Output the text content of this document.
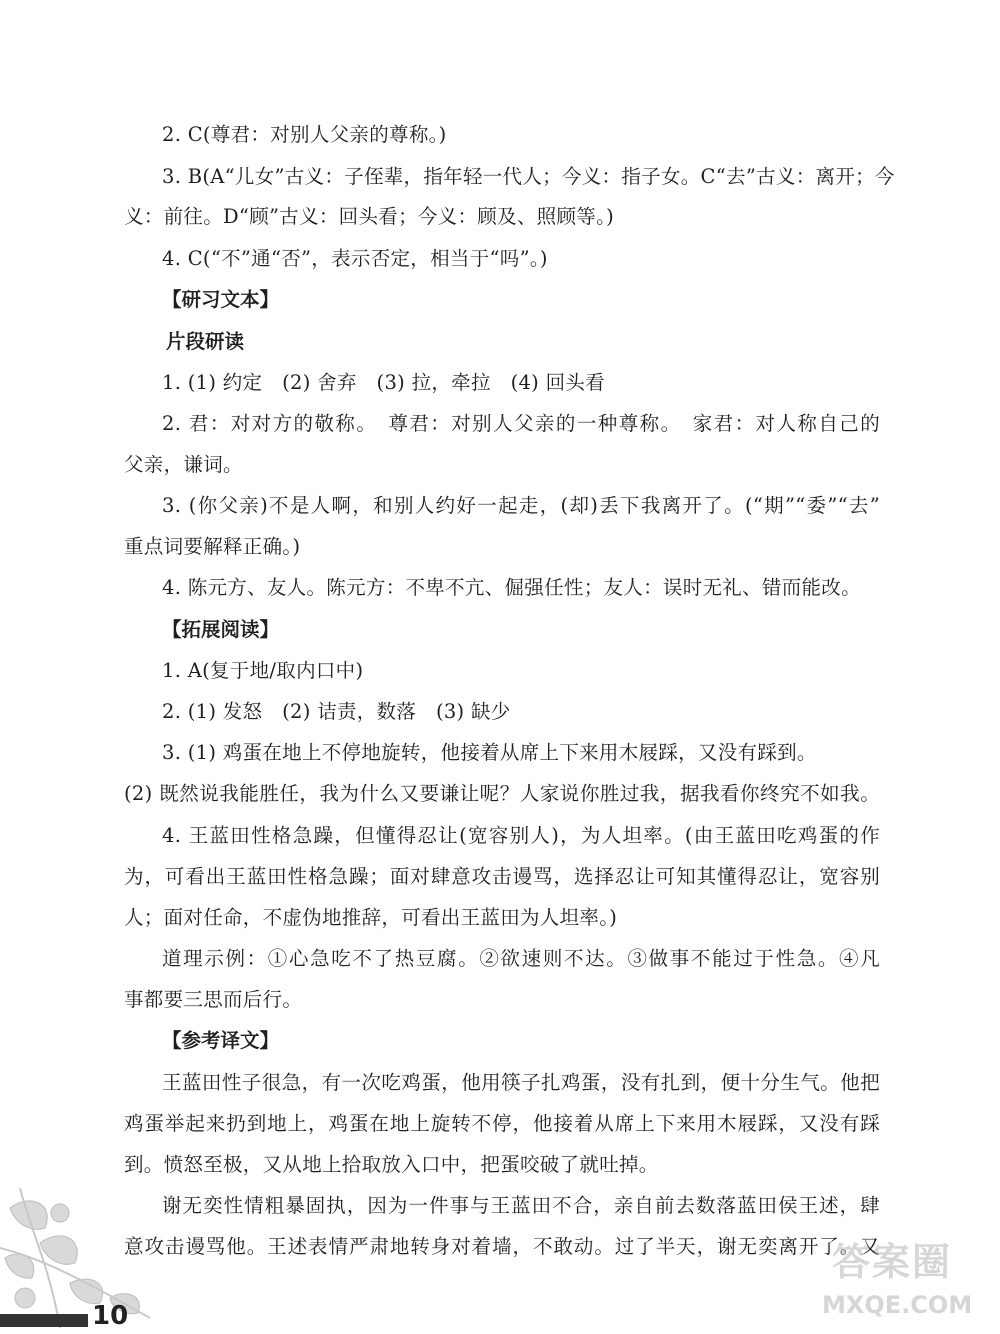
2. C(尊君：对别人父亲的尊称。)
3. B(A“儿女”古义：子侄辈，指年轻一代人；今义：指子女。C“去”古义：离开；今
义：前往。D“顾”古义：回头看；今义：顾及、照顾等。)
4. C(“不”通“否”，表示否定，相当于“吗”。)
【研习文本】
片段研读
1. (1) 约定　(2) 舍弃　(3) 拉，牵拉　(4) 回头看
2. 君：对对方的敬称。　尊君：对别人父亲的一种尊称。　家君：对人称自己的
父亲，谦词。
3. (你父亲)不是人啊，和别人约好一起走，(却)丢下我离开了。(“期”“委”“去”
重点词要解释正确。)
4. 陈元方、友人。陈元方：不卑不亢、倔强任性；友人：误时无礼、错而能改。
【拓展阅读】
1. A(复于地/取内口中)
2. (1) 发怒　(2) 诘责，数落　(3) 缺少
3. (1) 鸡蛋在地上不停地旋转，他接着从席上下来用木屐踩，又没有踩到。
(2) 既然说我能胜任，我为什么又要谦让呢？人家说你胜过我，据我看你终究不如我。
4. 王蓝田性格急躁，但懂得忍让(宽容别人)，为人坦率。(由王蓝田吃鸡蛋的作
为，可看出王蓝田性格急躁；面对肆意攻击谩骂，选择忍让可知其懂得忍让，宽容别
人；面对任命，不虚伪地推辞，可看出王蓝田为人坦率。)
道理示例：①心急吃不了热豆腐。②欲速则不达。③做事不能过于性急。④凡
事都要三思而后行。
【参考译文】
王蓝田性子很急，有一次吃鸡蛋，他用筷子扎鸡蛋，没有扎到，便十分生气。他把
鸡蛋举起来扔到地上，鸡蛋在地上旋转不停，他接着从席上下来用木屐踩，又没有踩
到。愤怒至极，又从地上拾取放入口中，把蛋咬破了就吐掉。
谢无奕性情粗暴固执，因为一件事与王蓝田不合，亲自前去数落蓝田侯王述，肆
意攻击谩骂他。王述表情严肃地转身对着墙，不敢动。过了半天，谢无奕离开了。又
10
答案圈
MXQE.COM
